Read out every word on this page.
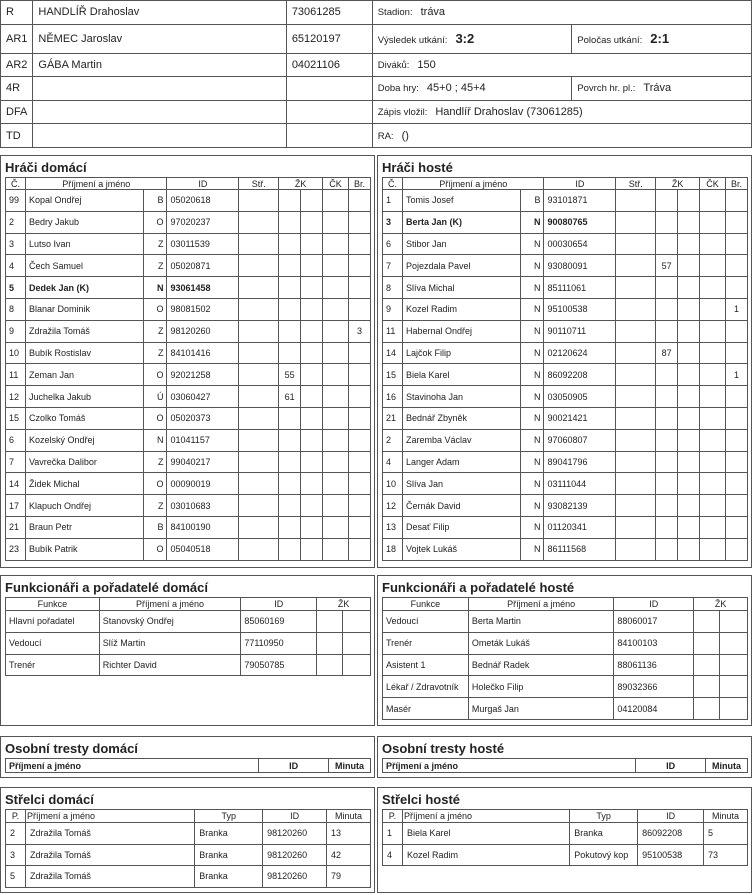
R	HANDLÍŘ Drahoslav	73061285	Stadion: tráva	
AR1	NĚMEC Jaroslav	65120197	Výsledek utkání: 3:2	Poločas utkání: 2:1
AR2	GÁBA Martin	04021106	Diváků: 150	
4R			Doba hry: 45+0 ; 45+4	Povrch hr. pl.: Tráva
DFA			Zápis vložil: Handlíř Drahoslav (73061285)	
TD			RA: ()	
Hráči domácí
Č.	Příjmení a jméno		ID	Stř.	ŽK		ČK	Br.
99	Kopal Ondřej	B	05020618					
2	Bedry Jakub	O	97020237					
3	Lutso Ivan	Z	03011539					
4	Čech Samuel	Z	05020871					
5	Dedek Jan (K)	N	93061458					
8	Blanar Dominik	O	98081502					
9	Zdražila Tomáš	Z	98120260					3
10	Bubík Rostislav	Z	84101416					
11	Zeman Jan	O	92021258		55			
12	Juchelka Jakub	Ú	03060427		61			
15	Czolko Tomáš	O	05020373					
6	Kozelský Ondřej	N	01041157					
7	Vavrečka Dalibor	Z	99040217					
14	Židek Michal	O	00090019					
17	Klapuch Ondřej	Z	03010683					
21	Braun Petr	B	84100190					
23	Bubík Patrik	O	05040518					
Hráči hosté
Č.	Příjmení a jméno		ID	Stř.	ŽK		ČK	Br.
1	Tomis Josef	B	93101871					
3	Berta Jan (K)	N	90080765					
6	Stibor Jan	N	00030654					
7	Pojezdala Pavel	N	93080091		57			
8	Slíva Michal	N	85111061					
9	Kozel Radim	N	95100538					1
11	Habernal Ondřej	N	90110711					
14	Lajčok Filip	N	02120624		87			
15	Biela Karel	N	86092208					1
16	Stavinoha Jan	N	03050905					
21	Bednář Zbyněk	N	90021421					
2	Zaremba Václav	N	97060807					
4	Langer Adam	N	89041796					
10	Slíva Jan	N	03111044					
12	Černák David	N	93082139					
13	Desať Filip	N	01120341					
18	Vojtek Lukáš	N	86111568					
Funkcionáři a pořadatelé domácí
Funkce	Příjmení a jméno	ID	ŽK	
Hlavní pořadatel	Stanovský Ondřej	85060169		
Vedoucí	Slíž Martin	77110950		
Trenér	Richter David	79050785		
Funkcionáři a pořadatelé hosté
Funkce	Příjmení a jméno	ID	ŽK	
Vedoucí	Berta Martin	88060017		
Trenér	Ometák Lukáš	84100103		
Asistent 1	Bednář Radek	88061136		
Lékař / Zdravotník	Holečko Filip	89032366		
Masér	Murgaš Jan	04120084		
Osobní tresty domácí
Příjmení a jméno	ID	Minuta
Osobní tresty hosté
Příjmení a jméno	ID	Minuta
Střelci domácí
P.	Příjmení a jméno	Typ	ID	Minuta
2	Zdražila Tomáš	Branka	98120260	13
3	Zdražila Tomáš	Branka	98120260	42
5	Zdražila Tomáš	Branka	98120260	79
Střelci hosté
P.	Příjmení a jméno	Typ	ID	Minuta
1	Biela Karel	Branka	86092208	5
4	Kozel Radim	Pokutový kop	95100538	73
